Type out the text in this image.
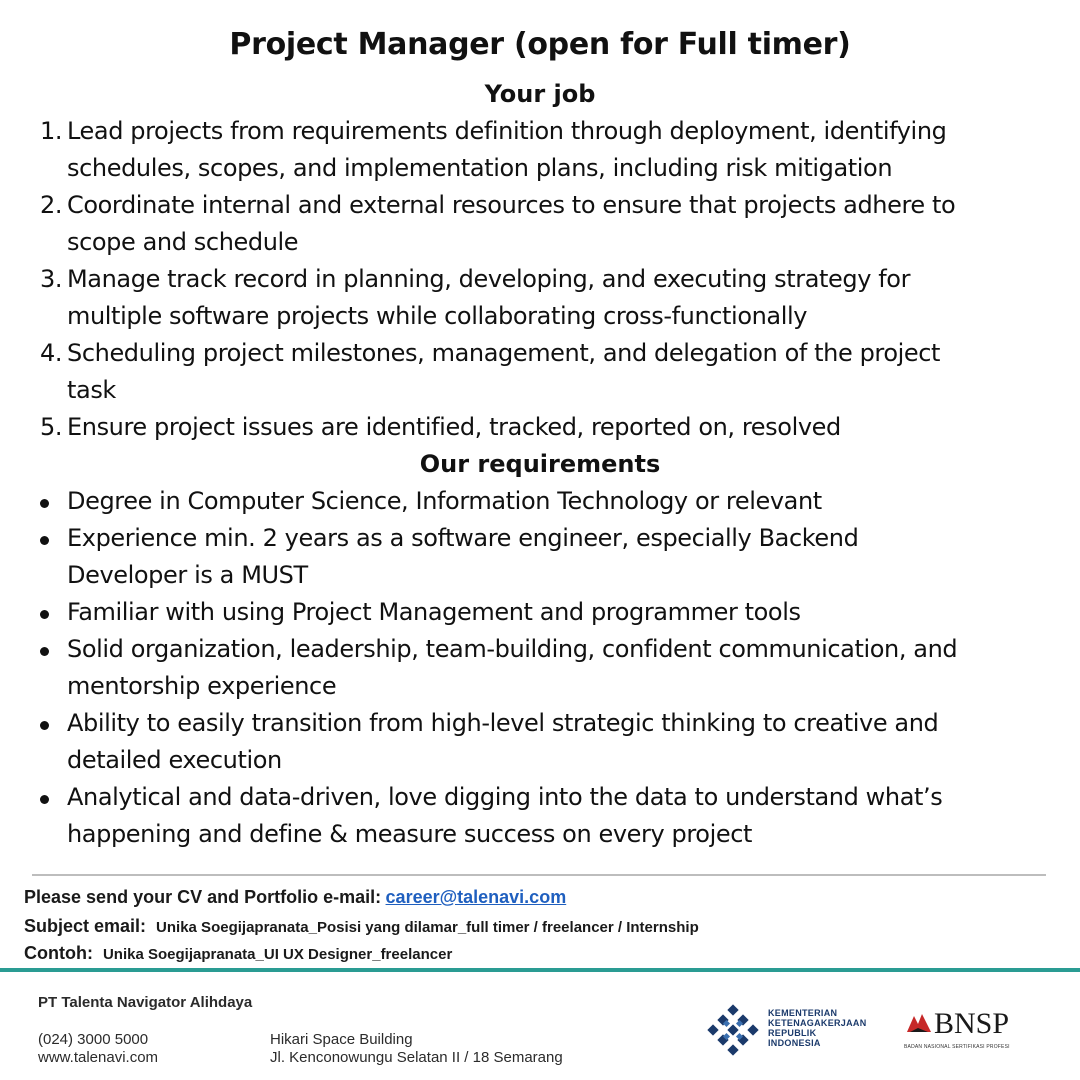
Project Manager (open for Full timer)
Your job
1. Lead projects from requirements definition through deployment, identifying
schedules, scopes, and implementation plans, including risk mitigation
2. Coordinate internal and external resources to ensure that projects adhere to
scope and schedule
3. Manage track record in planning, developing, and executing strategy for
multiple software projects while collaborating cross-functionally
4. Scheduling project milestones, management, and delegation of the project
task
5. Ensure project issues are identified, tracked, reported on, resolved
Our requirements
Degree in Computer Science, Information Technology or relevant
Experience min. 2 years as a software engineer, especially Backend
Developer is a MUST
Familiar with using Project Management and programmer tools
Solid organization, leadership, team-building, confident communication, and
mentorship experience
Ability to easily transition from high-level strategic thinking to creative and
detailed execution
Analytical and data-driven, love digging into the data to understand what’s
happening and define & measure success on every project
Please send your CV and Portfolio e-mail: career@talenavi.com
Subject email: Unika Soegijapranata_Posisi yang dilamar_full timer / freelancer / Internship
Contoh: Unika Soegijapranata_UI UX Designer_freelancer
PT Talenta Navigator Alihdaya
(024) 3000 5000
www.talenavi.com
Hikari Space Building
Jl. Kenconowungu Selatan II / 18 Semarang
KEMENTERIAN
KETENAGAKERJAAN
REPUBLIK
INDONESIA
BNSP
BADAN NASIONAL SERTIFIKASI PROFESI
